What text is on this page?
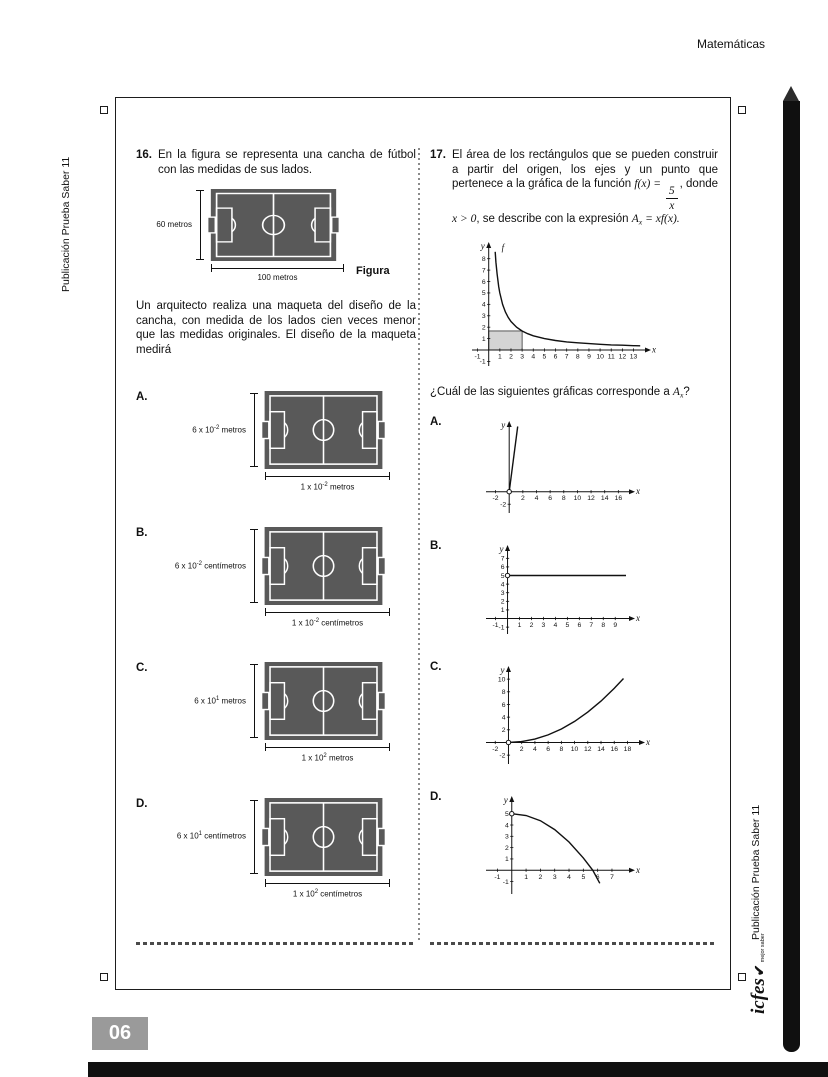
Matemáticas
Publicación Prueba Saber 11
Publicación Prueba Saber 11
icfes
✔
mejor saber
06
16. En la figura se representa una cancha de fútbol con las medidas de sus lados.
60 metros
100 metros
Figura

Un arquitecto realiza una maqueta del diseño de la cancha, con medida de los lados cien veces menor que las medidas originales. El diseño de la maqueta medirá

A.
6 x $10^{-2}$ metros
1 x $10^{-2}$ metros
B.
6 x $10^{-2}$ centímetros
1 x $10^{-2}$ centímetros
C.
6 x $10^1$ metros
1 x $10^2$ metros
D.
6 x $10^1$ centímetros
1 x $10^2$ centímetros
17. El área de los rectángulos que se pueden construir a partir del origen, los ejes y un punto que pertenece a la gráfica de la función f(x) =
$\frac{5}{x}$
, donde x > 0, se describe con la expresión $A_x = xf(x)$.
-1	1 2 3 4 5 6 7 8 9 10 11 12 13
-1
1
2
3
4
5
6
7
8
x
y f

¿Cuál de las siguientes gráficas corresponde a $A_x$?

A.
-2	2 4 6 8 10 12 14 16
-2
x
y
B.
-1	1 2 3 4 5 6 7 8 9
-1
1
2
3
4
5
6
7
x
y
C.
-2	2 4 6 8 10 12 14 16 18
-2
2
4
6
8
10
x
y
D.
-1	1 2 3 4 5 6 7
-1
1
2
3
4
5
x
y
